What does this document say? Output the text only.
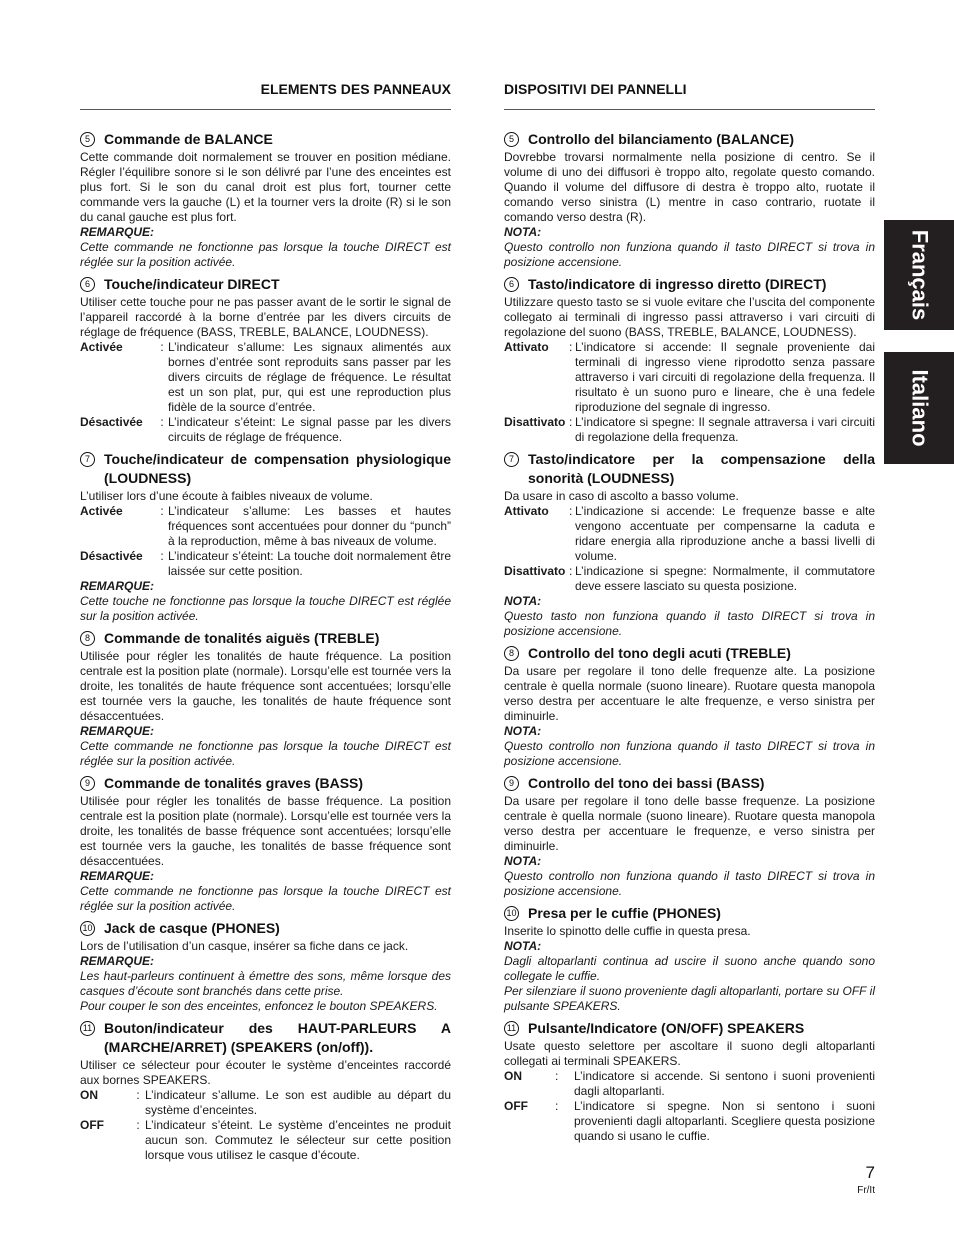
ELEMENTS DES PANNEAUX
5	Commande de BALANCE

Cette commande doit normalement se trouver en position médiane. Régler l’équilibre sonore si le son délivré par l’une des enceintes est plus fort. Si le son du canal droit est plus fort, tourner cette commande vers la gauche (L) et la tourner vers la droite (R) si le son du canal gauche est plus fort.

REMARQUE:

Cette commande ne fonctionne pas lorsque la touche DIRECT est réglée sur la position activée.

6	Touche/indicateur DIRECT

Utiliser cette touche pour ne pas passer avant de le sortir le signal de l’appareil raccordé à la borne d’entrée par les divers circuits de réglage de fréquence (BASS, TREBLE, BALANCE, LOUDNESS).

Activée	: L’indicateur s’allume: Les signaux alimentés aux bornes d’entrée sont reproduits sans passer par les divers circuits de réglage de fréquence. Le résultat est un son plat, pur, qui est une reproduction plus fidèle de la source d’entrée.
Désactivée	: L’indicateur s’éteint: Le signal passe par les divers circuits de réglage de fréquence.
7	Touche/indicateur de compensation physiologique (LOUDNESS)

L’utiliser lors d’une écoute à faibles niveaux de volume.

Activée	: L’indicateur s’allume: Les basses et hautes fréquences sont accentuées pour donner du “punch” à la reproduction, même à bas niveaux de volume.
Désactivée	: L’indicateur s’éteint: La touche doit normalement être laissée sur cette position.

REMARQUE:

Cette touche ne fonctionne pas lorsque la touche DIRECT est réglée sur la position activée.

8	Commande de tonalités aiguës (TREBLE)

Utilisée pour régler les tonalités de haute fréquence. La position centrale est la position plate (normale). Lorsqu’elle est tournée vers la droite, les tonalités de haute fréquence sont accentuées; lorsqu’elle est tournée vers la gauche, les tonalités de haute fréquence sont désaccentuées.

REMARQUE:

Cette commande ne fonctionne pas lorsque la touche DIRECT est réglée sur la position activée.

9	Commande de tonalités graves (BASS)

Utilisée pour régler les tonalités de basse fréquence. La position centrale est la position plate (normale). Lorsqu’elle est tournée vers la droite, les tonalités de basse fréquence sont accentuées; lorsqu’elle est tournée vers la gauche, les tonalités de basse fréquence sont désaccentuées.

REMARQUE:

Cette commande ne fonctionne pas lorsque la touche DIRECT est réglée sur la position activée.

10 Jack de casque (PHONES)

Lors de l’utilisation d’un casque, insérer sa fiche dans ce jack.

REMARQUE:

Les haut-parleurs continuent à émettre des sons, même lorsque des casques d’écoute sont branchés dans cette prise.

Pour couper le son des enceintes, enfoncez le bouton SPEAKERS.

11 Bouton/indicateur des HAUT-PARLEURS A (MARCHE/ARRET) (SPEAKERS (on/off)).

Utiliser ce sélecteur pour écouter le système d’enceintes raccordé aux bornes SPEAKERS.

ON	: L’indicateur s’allume. Le son est audible au départ du système d’enceintes.
OFF	: L’indicateur s’éteint. Le système d’enceintes ne produit aucun son. Commutez le sélecteur sur cette position lorsque vous utilisez le casque d’écoute.
DISPOSITIVI DEI PANNELLI
5	Controllo del bilanciamento (BALANCE)

Dovrebbe trovarsi normalmente nella posizione di centro. Se il volume di uno dei diffusori è troppo alto, regolate questo comando. Quando il volume del diffusore di destra è troppo alto, ruotate il comando verso sinistra (L) mentre in caso contrario, ruotate il comando verso destra (R).

NOTA:

Questo controllo non funziona quando il tasto DIRECT si trova in posizione accensione.

6	Tasto/indicatore di ingresso diretto (DIRECT)

Utilizzare questo tasto se si vuole evitare che l’uscita del componente collegato ai terminali di ingresso passi attraverso i vari circuiti di regolazione del suono (BASS, TREBLE, BALANCE, LOUDNESS).

Attivato	: L’indicatore si accende: Il segnale proveniente dai terminali di ingresso viene riprodotto senza passare attraverso i vari circuiti di regolazione della frequenza. Il risultato è un suono puro e lineare, che è una fedele riproduzione del segnale di ingresso.
Disattivato : L’indicatore si spegne: Il segnale attraversa i vari circuiti di regolazione della frequenza.
7	Tasto/indicatore per la compensazione della sonorità (LOUDNESS)

Da usare in caso di ascolto a basso volume.

Attivato	: L’indicazione si accende: Le frequenze basse e alte vengono accentuate per compensarne la caduta e ridare energia alla riproduzione anche a bassi livelli di volume.
Disattivato : L’indicazione si spegne: Normalmente, il commutatore deve essere lasciato su questa posizione.

NOTA:

Questo tasto non funziona quando il tasto DIRECT si trova in posizione accensione.

8	Controllo del tono degli acuti (TREBLE)

Da usare per regolare il tono delle frequenze alte. La posizione centrale è quella normale (suono lineare). Ruotare questa manopola verso destra per accentuare le alte frequenze, e verso sinistra per diminuirle.

NOTA:

Questo controllo non funziona quando il tasto DIRECT si trova in posizione accensione.

9	Controllo del tono dei bassi (BASS)

Da usare per regolare il tono delle basse frequenze. La posizione centrale è quella normale (suono lineare). Ruotare questa manopola verso destra per accentuare le frequenze, e verso sinistra per diminuirle.

NOTA:

Questo controllo non funziona quando il tasto DIRECT si trova in posizione accensione.

10 Presa per le cuffie (PHONES)

Inserite lo spinotto delle cuffie in questa presa.

NOTA:

Dagli altoparlanti continua ad uscire il suono anche quando sono collegate le cuffie.

Per silenziare il suono proveniente dagli altoparlanti, portare su OFF il pulsante SPEAKERS.

11 Pulsante/Indicatore (ON/OFF) SPEAKERS

Usate questo selettore per ascoltare il suono degli altoparlanti collegati ai terminali SPEAKERS.

ON	:	L’indicatore si accende. Si sentono i suoni provenienti dagli altoparlanti.
OFF	:	L’indicatore si spegne. Non si sentono i suoni provenienti dagli altoparlanti. Scegliere questa posizione quando si usano le cuffie.
Français
Italiano
7
Fr/It
